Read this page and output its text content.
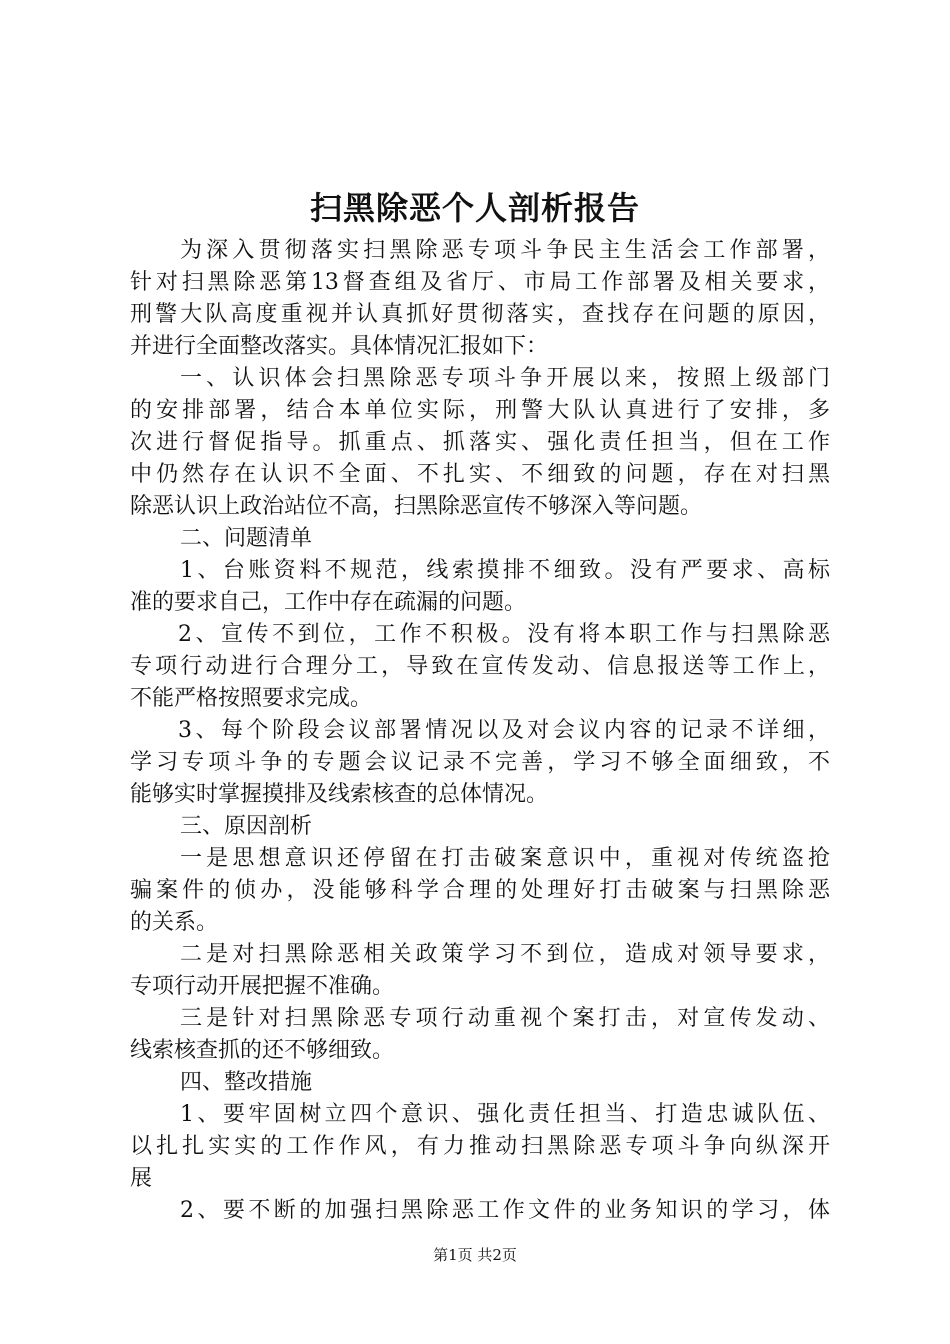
扫黑除恶个人剖析报告
为深入贯彻落实扫黑除恶专项斗争民主生活会工作部署，
针对扫黑除恶第13督查组及省厅、市局工作部署及相关要求，
刑警大队高度重视并认真抓好贯彻落实，查找存在问题的原因，
并进行全面整改落实。具体情况汇报如下：
一、认识体会扫黑除恶专项斗争开展以来，按照上级部门
的安排部署，结合本单位实际，刑警大队认真进行了安排，多
次进行督促指导。抓重点、抓落实、强化责任担当，但在工作
中仍然存在认识不全面、不扎实、不细致的问题，存在对扫黑
除恶认识上政治站位不高，扫黑除恶宣传不够深入等问题。
二、问题清单
1、台账资料不规范，线索摸排不细致。没有严要求、高标
准的要求自己，工作中存在疏漏的问题。
2、宣传不到位，工作不积极。没有将本职工作与扫黑除恶
专项行动进行合理分工，导致在宣传发动、信息报送等工作上，
不能严格按照要求完成。
3、每个阶段会议部署情况以及对会议内容的记录不详细，
学习专项斗争的专题会议记录不完善，学习不够全面细致，不
能够实时掌握摸排及线索核查的总体情况。
三、原因剖析
一是思想意识还停留在打击破案意识中，重视对传统盗抢
骗案件的侦办，没能够科学合理的处理好打击破案与扫黑除恶
的关系。
二是对扫黑除恶相关政策学习不到位，造成对领导要求，
专项行动开展把握不准确。
三是针对扫黑除恶专项行动重视个案打击，对宣传发动、
线索核查抓的还不够细致。
四、整改措施
1、要牢固树立四个意识、强化责任担当、打造忠诚队伍、
以扎扎实实的工作作风，有力推动扫黑除恶专项斗争向纵深开
展
2、要不断的加强扫黑除恶工作文件的业务知识的学习，体
第1页 共2页
